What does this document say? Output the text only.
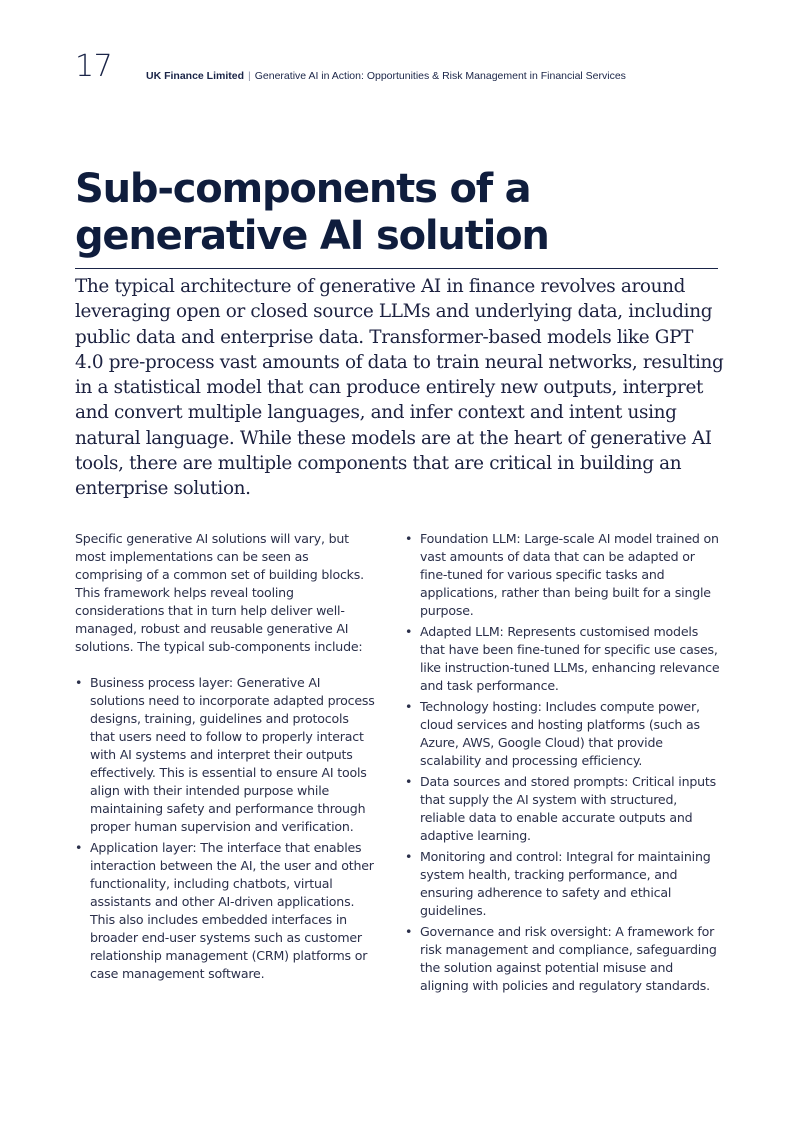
17	UK Finance Limited | Generative AI in Action: Opportunities & Risk Management in Financial Services
Sub-components of a generative AI solution

The typical architecture of generative AI in finance revolves around leveraging open or closed source LLMs and underlying data, including public data and enterprise data. Transformer-based models like GPT 4.0 pre-process vast amounts of data to train neural networks, resulting in a statistical model that can produce entirely new outputs, interpret and convert multiple languages, and infer context and intent using natural language. While these models are at the heart of generative AI tools, there are multiple components that are critical in building an enterprise solution.

Specific generative AI solutions will vary, but most implementations can be seen as comprising of a common set of building blocks. This framework helps reveal tooling considerations that in turn help deliver well-managed, robust and reusable generative AI solutions. The typical sub-components include:

• Business process layer: Generative AI solutions need to incorporate adapted process designs, training, guidelines and protocols that users need to follow to properly interact with AI systems and interpret their outputs effectively. This is essential to ensure AI tools align with their intended purpose while maintaining safety and performance through proper human supervision and verification.
• Application layer: The interface that enables interaction between the AI, the user and other functionality, including chatbots, virtual assistants and other AI-driven applications. This also includes embedded interfaces in broader end-user systems such as customer relationship management (CRM) platforms or case management software.
• Foundation LLM: Large-scale AI model trained on vast amounts of data that can be adapted or fine-tuned for various specific tasks and applications, rather than being built for a single purpose.
• Adapted LLM: Represents customised models that have been fine-tuned for specific use cases, like instruction-tuned LLMs, enhancing relevance and task performance.
• Technology hosting: Includes compute power, cloud services and hosting platforms (such as Azure, AWS, Google Cloud) that provide scalability and processing efficiency.
• Data sources and stored prompts: Critical inputs that supply the AI system with structured, reliable data to enable accurate outputs and adaptive learning.
• Monitoring and control: Integral for maintaining system health, tracking performance, and ensuring adherence to safety and ethical guidelines.
• Governance and risk oversight: A framework for risk management and compliance, safeguarding the solution against potential misuse and aligning with policies and regulatory standards.
